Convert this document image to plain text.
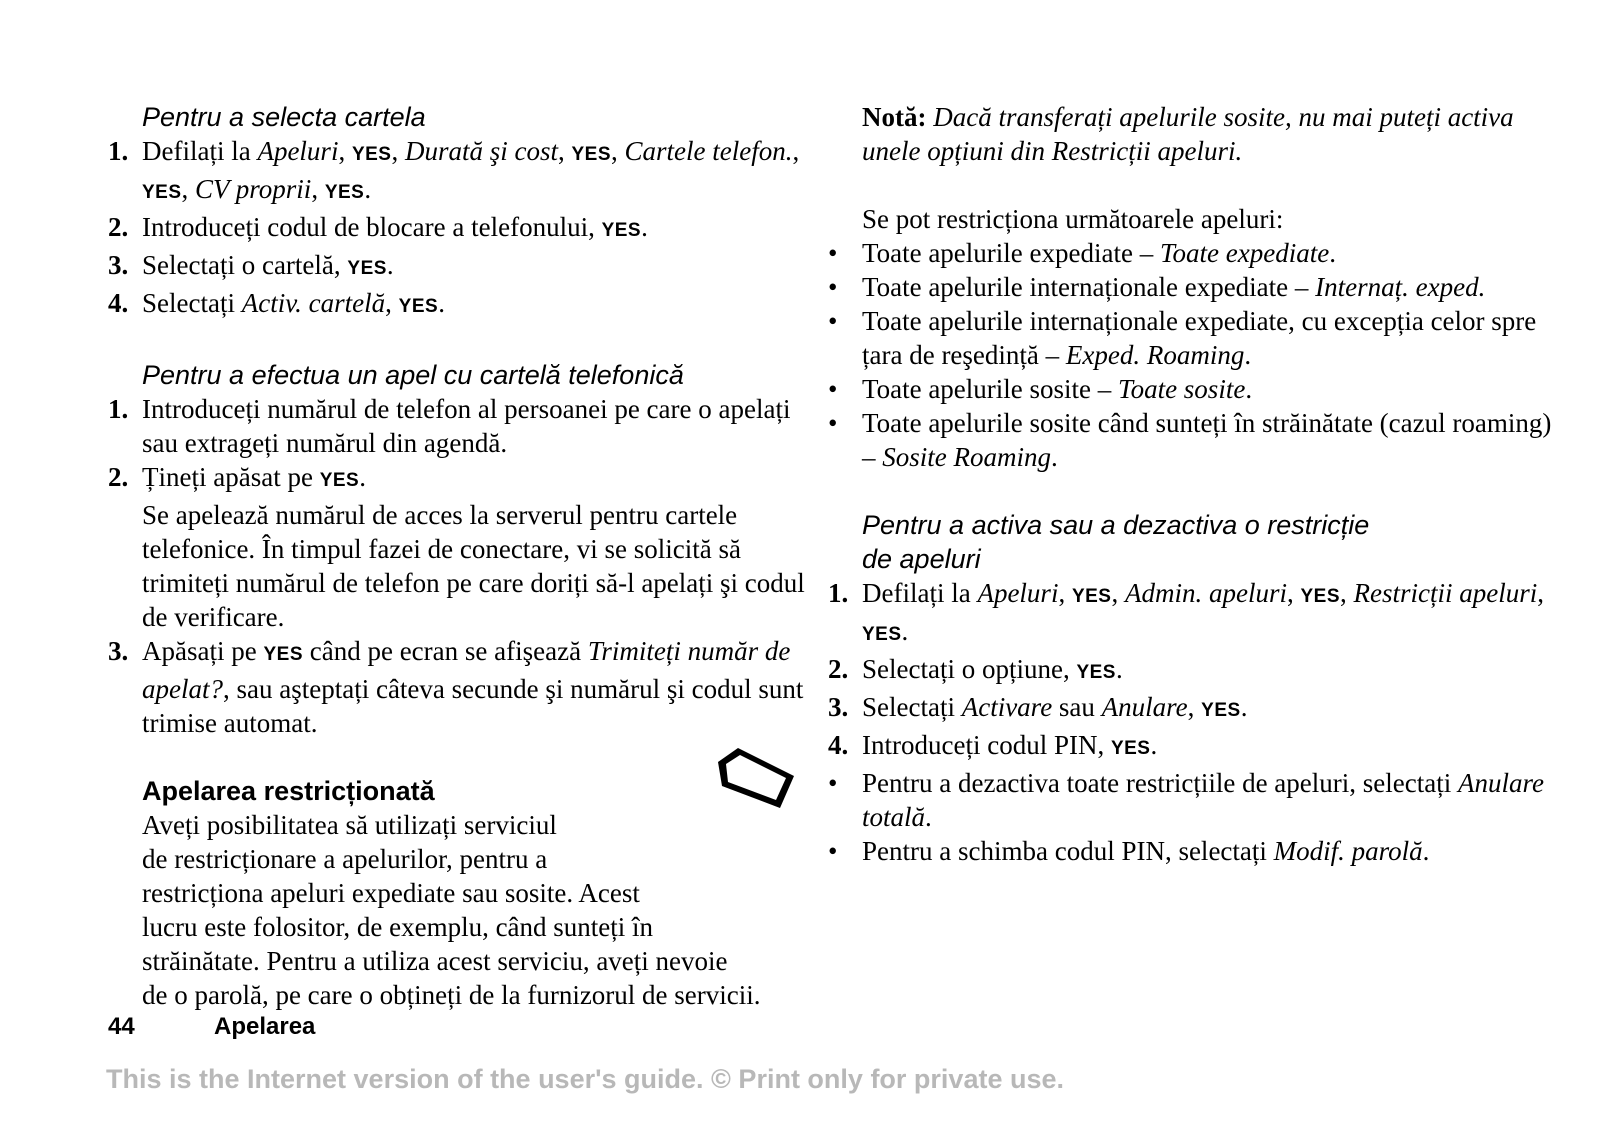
Pentru a selecta cartela
1. Defilați la Apeluri, YES, Durată şi cost, YES, Cartele telefon., YES, CV proprii, YES.
2. Introduceți codul de blocare a telefonului, YES.
3. Selectați o cartelă, YES.
4. Selectați Activ. cartelă, YES.
Pentru a efectua un apel cu cartelă telefonică
1. Introduceți numărul de telefon al persoanei pe care o apelați sau extrageți numărul din agendă.
2. Țineți apăsat pe YES.
Se apelează numărul de acces la serverul pentru cartele telefonice. În timpul fazei de conectare, vi se solicită să trimiteți numărul de telefon pe care doriți să-l apelați şi codul de verificare.
3. Apăsați pe YES când pe ecran se afişează Trimiteți număr de apelat?, sau aşteptați câteva secunde şi numărul şi codul sunt trimise automat.
Apelarea restricționată
Aveți posibilitatea să utilizați serviciul
de restricționare a apelurilor, pentru a
restricționa apeluri expediate sau sosite. Acest
lucru este folositor, de exemplu, când sunteți în
străinătate. Pentru a utiliza acest serviciu, aveți nevoie
de o parolă, pe care o obțineți de la furnizorul de servicii.
Notă: Dacă transferați apelurile sosite, nu mai puteți activa unele opțiuni din Restricții apeluri.
Se pot restricționa următoarele apeluri:
• Toate apelurile expediate – Toate expediate.
• Toate apelurile internaționale expediate – Internaț. exped.
• Toate apelurile internaționale expediate, cu excepția celor spre țara de reşedință – Exped. Roaming.
• Toate apelurile sosite – Toate sosite.
• Toate apelurile sosite când sunteți în străinătate (cazul roaming) – Sosite Roaming.
Pentru a activa sau a dezactiva o restricție
de apeluri
1. Defilați la Apeluri, YES, Admin. apeluri, YES, Restricții apeluri, YES.
2. Selectați o opțiune, YES.
3. Selectați Activare sau Anulare, YES.
4. Introduceți codul PIN, YES.
• Pentru a dezactiva toate restricțiile de apeluri, selectați Anulare totală.
• Pentru a schimba codul PIN, selectați Modif. parolă.
44	Apelarea
This is the Internet version of the user's guide. © Print only for private use.
